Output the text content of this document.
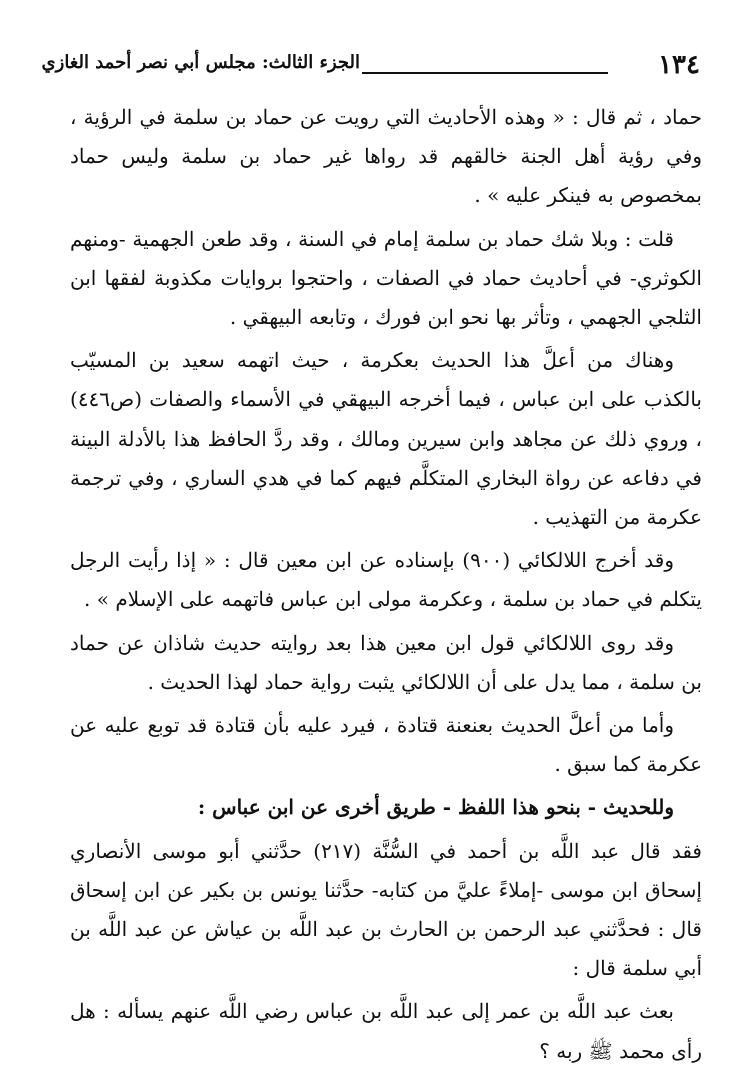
١٣٤
الجزء الثالث: مجلس أبي نصر أحمد الغازي

حماد ، ثم قال : « وهذه الأحاديث التي رويت عن حماد بن سلمة في الرؤية ، وفي رؤية أهل الجنة خالقهم قد رواها غير حماد بن سلمة وليس حماد بمخصوص به فينكر عليه » .

قلت : وبلا شك حماد بن سلمة إمام في السنة ، وقد طعن الجهمية -ومنهم الكوثري- في أحاديث حماد في الصفات ، واحتجوا بروايات مكذوبة لفقها ابن الثلجي الجهمي ، وتأثر بها نحو ابن فورك ، وتابعه البيهقي .

وهناك من أعلَّ هذا الحديث بعكرمة ، حيث اتهمه سعيد بن المسيّب بالكذب على ابن عباس ، فيما أخرجه البيهقي في الأسماء والصفات (ص٤٤٦) ، وروي ذلك عن مجاهد وابن سيرين ومالك ، وقد ردَّ الحافظ هذا بالأدلة البينة في دفاعه عن رواة البخاري المتكلَّم فيهم كما في هدي الساري ، وفي ترجمة عكرمة من التهذيب .

وقد أخرج اللالكائي (٩٠٠) بإسناده عن ابن معين قال : « إذا رأيت الرجل يتكلم في حماد بن سلمة ، وعكرمة مولى ابن عباس فاتهمه على الإسلام » .

وقد روى اللالكائي قول ابن معين هذا بعد روايته حديث شاذان عن حماد بن سلمة ، مما يدل على أن اللالكائي يثبت رواية حماد لهذا الحديث .

وأما من أعلَّ الحديث بعنعنة قتادة ، فيرد عليه بأن قتادة قد توبع عليه عن عكرمة كما سبق .

وللحديث - بنحو هذا اللفظ - طريق أخرى عن ابن عباس :

فقد قال عبد اللَّه بن أحمد في السُّنَّة (٢١٧) حدَّثني أبو موسى الأنصاري إسحاق ابن موسى -إملاءً عليَّ من كتابه- حدَّثنا يونس بن بكير عن ابن إسحاق قال : فحدَّثني عبد الرحمن بن الحارث بن عبد اللَّه بن عياش عن عبد اللَّه بن أبي سلمة قال :

بعث عبد اللَّه بن عمر إلى عبد اللَّه بن عباس رضي اللَّه عنهم يسأله : هل رأى محمد ﷺ ربه ؟
